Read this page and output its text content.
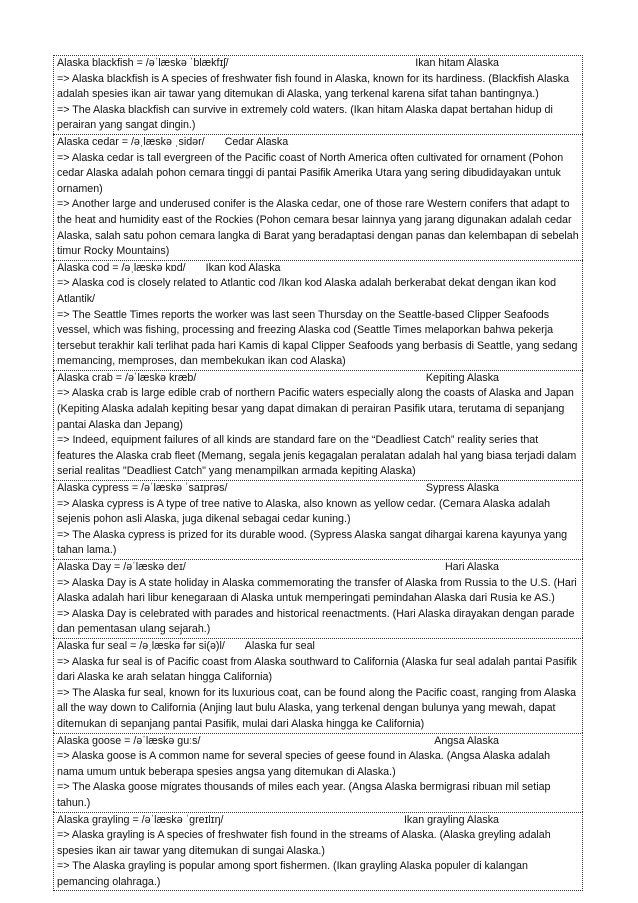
Alaska blackfish = /əˈlæskə ˈblækfɪʃ/	Ikan hitam Alaska

=> Alaska blackfish is A species of freshwater fish found in Alaska, known for its hardiness. (Blackfish Alaska adalah spesies ikan air tawar yang ditemukan di Alaska, yang terkenal karena sifat tahan bantingnya.)

=> The Alaska blackfish can survive in extremely cold waters. (Ikan hitam Alaska dapat bertahan hidup di perairan yang sangat dingin.)

Alaska cedar = /əˌlæskə ˌsidər/ Cedar Alaska

=> Alaska cedar is tall evergreen of the Pacific coast of North America often cultivated for ornament (Pohon cedar Alaska adalah pohon cemara tinggi di pantai Pasifik Amerika Utara yang sering dibudidayakan untuk ornamen)

=> Another large and underused conifer is the Alaska cedar, one of those rare Western conifers that adapt to the heat and humidity east of the Rockies (Pohon cemara besar lainnya yang jarang digunakan adalah cedar Alaska, salah satu pohon cemara langka di Barat yang beradaptasi dengan panas dan kelembapan di sebelah timur Rocky Mountains)

Alaska cod = /əˌlæskə kɒd/ Ikan kod Alaska

=> Alaska cod is closely related to Atlantic cod /Ikan kod Alaska adalah berkerabat dekat dengan ikan kod Atlantik/

=> The Seattle Times reports the worker was last seen Thursday on the Seattle-based Clipper Seafoods vessel, which was fishing, processing and freezing Alaska cod (Seattle Times melaporkan bahwa pekerja tersebut terakhir kali terlihat pada hari Kamis di kapal Clipper Seafoods yang berbasis di Seattle, yang sedang memancing, memproses, dan membekukan ikan cod Alaska)

Alaska crab = /əˈlæskə kræb/	Kepiting Alaska

=> Alaska crab is large edible crab of northern Pacific waters especially along the coasts of Alaska and Japan (Kepiting Alaska adalah kepiting besar yang dapat dimakan di perairan Pasifik utara, terutama di sepanjang pantai Alaska dan Jepang)

=> Indeed, equipment failures of all kinds are standard fare on the “Deadliest Catch” reality series that features the Alaska crab fleet (Memang, segala jenis kegagalan peralatan adalah hal yang biasa terjadi dalam serial realitas "Deadliest Catch" yang menampilkan armada kepiting Alaska)

Alaska cypress = /əˈlæskə ˈsaɪprəs/	Sypress Alaska

=> Alaska cypress is A type of tree native to Alaska, also known as yellow cedar. (Cemara Alaska adalah sejenis pohon asli Alaska, juga dikenal sebagai cedar kuning.)

=> The Alaska cypress is prized for its durable wood. (Sypress Alaska sangat dihargai karena kayunya yang tahan lama.)

Alaska Day = /əˈlæskə deɪ/	Hari Alaska

=> Alaska Day is A state holiday in Alaska commemorating the transfer of Alaska from Russia to the U.S. (Hari Alaska adalah hari libur kenegaraan di Alaska untuk memperingati pemindahan Alaska dari Rusia ke AS.)

=> Alaska Day is celebrated with parades and historical reenactments. (Hari Alaska dirayakan dengan parade dan pementasan ulang sejarah.)

Alaska fur seal = /əˌlæskə fər si(ə)l/ Alaska fur seal

=> Alaska fur seal is of Pacific coast from Alaska southward to California (Alaska fur seal adalah pantai Pasifik dari Alaska ke arah selatan hingga California)

=> The Alaska fur seal, known for its luxurious coat, can be found along the Pacific coast, ranging from Alaska all the way down to California (Anjing laut bulu Alaska, yang terkenal dengan bulunya yang mewah, dapat ditemukan di sepanjang pantai Pasifik, mulai dari Alaska hingga ke California)

Alaska goose = /əˈlæskə guːs/	Angsa Alaska

=> Alaska goose is A common name for several species of geese found in Alaska. (Angsa Alaska adalah nama umum untuk beberapa spesies angsa yang ditemukan di Alaska.)

=> The Alaska goose migrates thousands of miles each year. (Angsa Alaska bermigrasi ribuan mil setiap tahun.)

Alaska grayling = /əˈlæskə ˈɡreɪlɪŋ/	Ikan grayling Alaska

=> Alaska grayling is A species of freshwater fish found in the streams of Alaska. (Alaska greyling adalah spesies ikan air tawar yang ditemukan di sungai Alaska.)

=> The Alaska grayling is popular among sport fishermen. (Ikan grayling Alaska populer di kalangan pemancing olahraga.)
